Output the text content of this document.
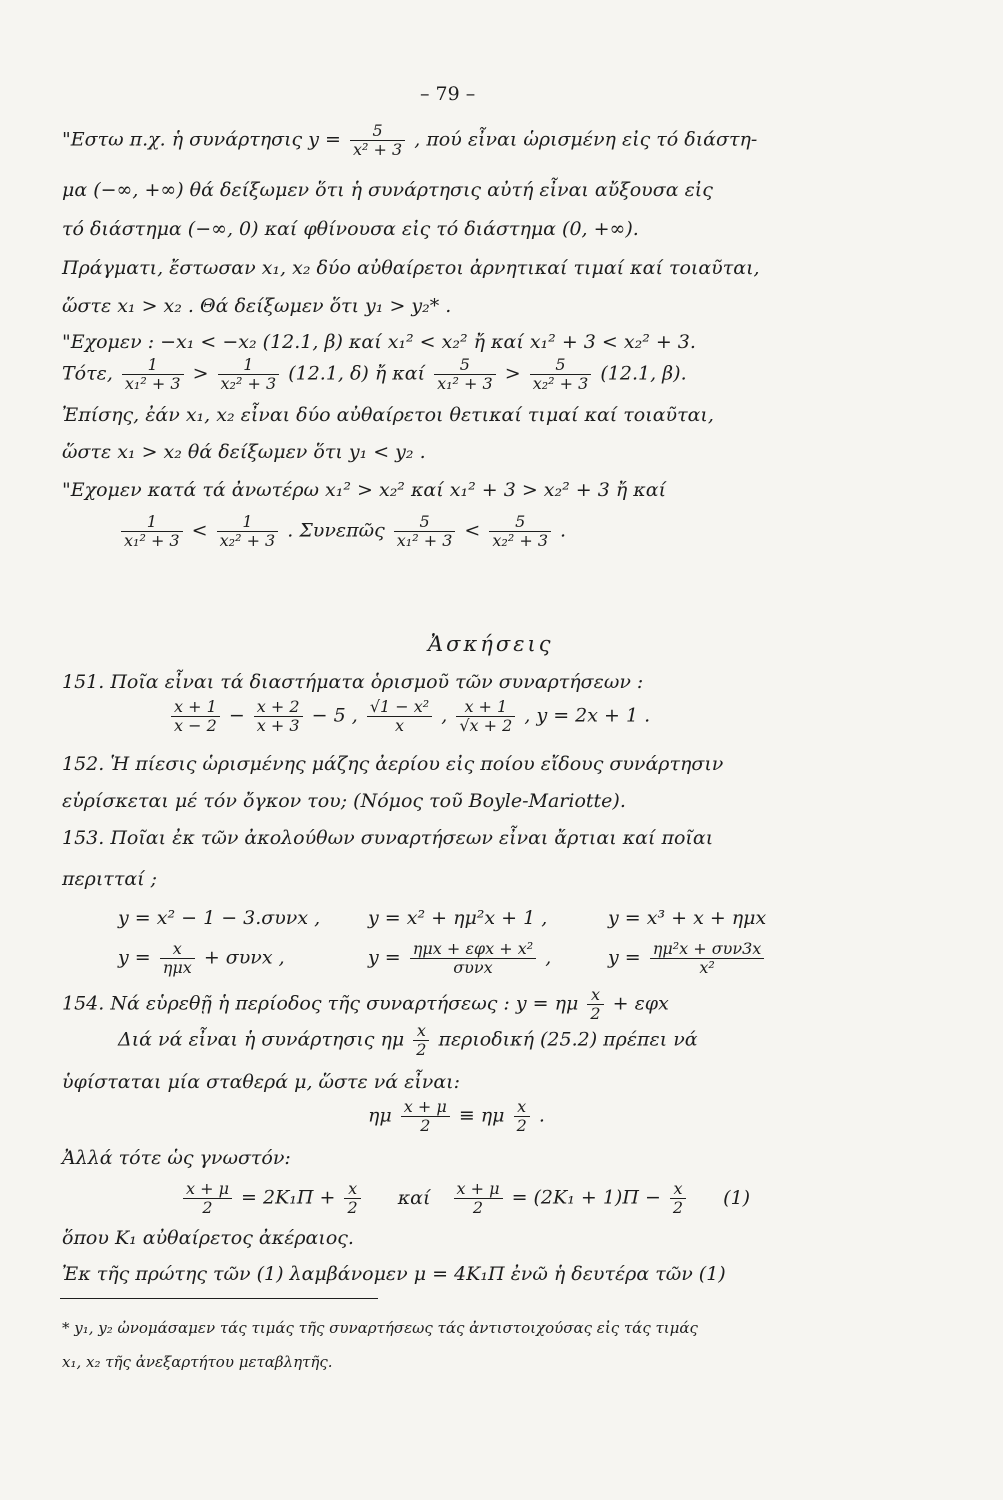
– 79 –
"Εστω π.χ. ἡ συνάρτησις $y = \frac{5}{\text{x² + 3}}$ , πού εἶναι ὡρισμένη εἰς τό διάστη-
μα (−∞, +∞) θά δείξωμεν ὅτι ἡ συνάρτησις αὐτή εἶναι αὔξουσα εἰς
τό διάστημα (−∞, 0) καί φθίνουσα εἰς τό διάστημα (0, +∞).
Πράγματι, ἔστωσαν x₁, x₂ δύο αὐθαίρετοι ἀρνητικαί τιμαί καί τοιαῦται,
ὥστε x₁ > x₂ . Θά δείξωμεν ὅτι y₁ > y₂* .
"Εχομεν : −x₁ < −x₂ (12.1, β) καί x₁² < x₂² ἤ καί x₁² + 3 < x₂² + 3.
Τότε, $\frac{1}{\text{x₁² + 3}} > \frac{1}{\text{x₂² + 3}} (12.1$, δ) ἤ καί $\frac{5}{\text{x₁² + 3}} > \frac{5}{\text{x₂² + 3}} (12.1$, β).
Ἐπίσης, ἐάν x₁, x₂ εἶναι δύο αὐθαίρετοι θετικαί τιμαί καί τοιαῦται,
ὥστε x₁ > x₂ θά δείξωμεν ὅτι y₁ < y₂ .
"Εχομεν κατά τά ἀνωτέρω x₁² > x₂² καί x₁² + 3 > x₂² + 3 ἤ καί
$\frac{1}{\text{x₁² + 3}} < \frac{1}{\text{x₂² + 3}}$ . Συνεπῶς $\frac{5}{\text{x₁² + 3}} < \frac{5}{\text{x₂² + 3}}$ .
Ἀσκήσεις
151. Ποῖα εἶναι τά διαστήματα ὁρισμοῦ τῶν συναρτήσεων :
$\frac{x + 1}{x - 2} - \frac{x + 2}{x + 3} - 5$ , $\frac{\text{√1 − x²}}{x}$ , $\frac{x + 1}{√x + 2}$ , y = 2x + 1 .
152. Ἡ πίεσις ὡρισμένης μάζης ἀερίου εἰς ποίου εἴδους συνάρτησιν
εὑρίσκεται μέ τόν ὄγκον του; (Νόμος τοῦ Boyle-Mariotte).
153. Ποῖαι ἐκ τῶν ἀκολούθων συναρτήσεων εἶναι ἄρτιαι καί ποῖαι
περιτταί ;
y = x² − 1 − 3.συνx ,	y = x² + ημ²x + 1 ,	y = x³ + x + ημx
$y = \frac{x}{\text{ημx}} + \sigma\upsilon\nu x$ ,	$y = \frac{\text{ημx + εφx + x²}}{\text{συνx}}$ ,	$y = \frac{\text{ημ²x + συν3x}}{\text{x²}}$
154. Νά εὑρεθῇ ἡ περίοδος τῆς συναρτήσεως : y = ημ $\frac{x}{2} + \varepsilon\varphi x$
Διά νά εἶναι ἡ συνάρτησις ημ $\frac{x}{2}$ περιοδική (25.2) πρέπει νά
ὑφίσταται μία σταθερά μ, ὥστε νά εἶναι:
ημ $\frac{x + \mu}{2} \equiv \eta\mu \frac{x}{2}$ .
Ἀλλά τότε ὡς γνωστόν:
$\frac{x + \mu}{2} = 2K_1\Pi + \frac{x}{2}$ καί $\frac{x + \mu}{2} = (2K_1 + 1)\Pi - \frac{x}{2} (1)$
ὅπου K₁ αὐθαίρετος ἀκέραιος.
Ἐκ τῆς πρώτης τῶν (1) λαμβάνομεν μ = 4K₁Π ἐνῶ ἡ δευτέρα τῶν (1)
* y₁, y₂ ὠνομάσαμεν τάς τιμάς τῆς συναρτήσεως τάς ἀντιστοιχούσας εἰς τάς τιμάς
x₁, x₂ τῆς ἀνεξαρτήτου μεταβλητῆς.
